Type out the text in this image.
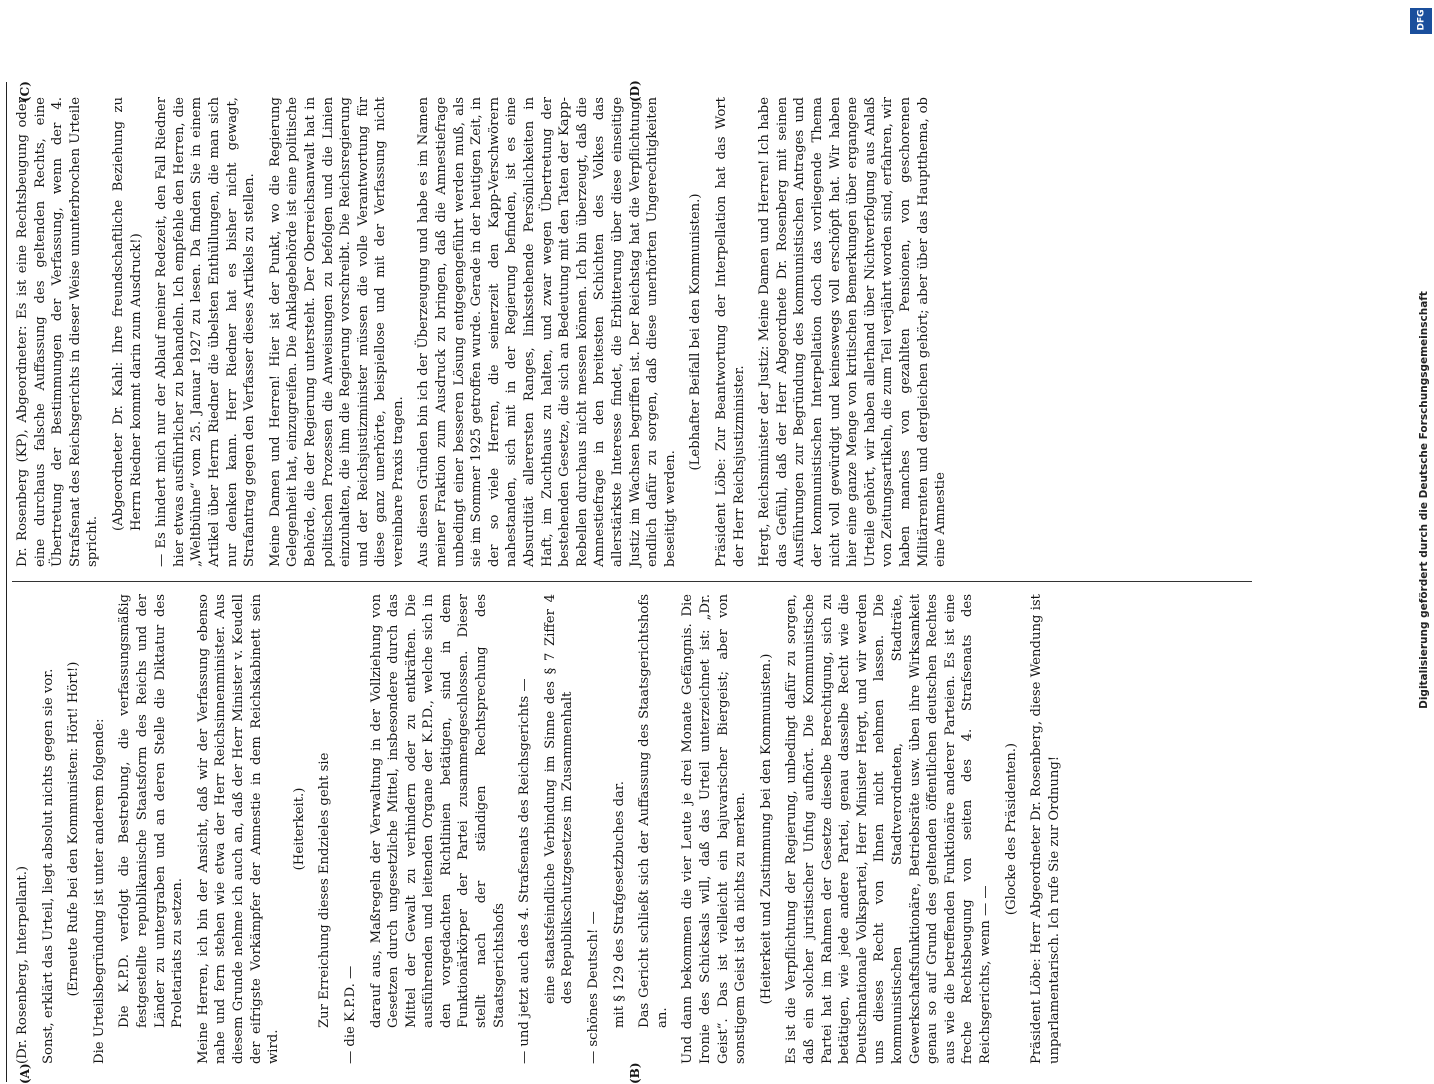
(A)	(B)
(C)	(D)

(Dr. Rosenberg, Interpellant.) Sonst, erklärt das Urteil, liegt absolut nichts gegen sie vor. (Erneute Rufe bei den Kommunisten: Hört! Hört!) Die Urteilsbegründung ist unter anderem folgende: Die K.P.D. verfolgt die Bestrebung, die verfassungsmäßig festgestellte republikanische Staatsform des Reichs und der Länder zu untergraben und an deren Stelle die Diktatur des Proletariats zu setzen. Meine Herren, ich bin der Ansicht, daß wir der Verfassung ebenso nahe und fern stehen wie etwa der Herr Reichsinnenminister. Aus diesem Grunde nehme ich auch an, daß der Herr Minister v. Keudell der eifrigste Vorkämpfer der Amnestie in dem Reichskabinett sein wird.

(Heiterkeit.) Zur Erreichung dieses Endzieles geht sie — die K.P.D. — darauf aus, Maßregeln der Verwaltung in der Vollziehung von Gesetzen durch ungesetzliche Mittel, insbesondere durch das Mittel der Gewalt zu verhindern oder zu entkräften. Die ausführenden und leitenden Organe der K.P.D., welche sich in den vorgedachten Richtlinien betätigen, sind in dem Funktionärkörper der Partei zusammengeschlossen. Dieser stellt nach der ständigen Rechtsprechung des Staatsgerichtshofs — und jetzt auch des 4. Strafsenats des Reichsgerichts — eine staatsfeindliche Verbindung im Sinne des § 7 Ziffer 4 des Republikschutzgesetzes im Zusammenhalt — schönes Deutsch! — mit § 129 des Strafgesetzbuches dar. Das Gericht schließt sich der Auffassung des Staatsgerichtshofs an. Und dann bekommen die vier Leute je drei Monate Gefängnis. Die Ironie des Schicksals will, daß das Urteil unterzeichnet ist: „Dr. Geist“. Das ist vielleicht ein bajuvarischer Biergeist; aber von sonstigem Geist ist da nichts zu merken. (Heiterkeit und Zustimmung bei den Kommunisten.) Es ist die Verpflichtung der Regierung, unbedingt dafür zu sorgen, daß ein solcher juristischer Unfug aufhört. Die Kommunistische Partei hat im Rahmen der Gesetze dieselbe Berechtigung, sich zu betätigen, wie jede andere Partei, genau dasselbe Recht wie die Deutschnationale Volkspartei, Herr Minister Hergt, und wir werden uns dieses Recht von Ihnen nicht nehmen lassen. Die kommunistischen Stadtverordneten, Stadträte, Gewerkschaftsfunktionäre, Betriebsräte usw. üben ihre Wirksamkeit genau so auf Grund des geltenden öffentlichen deutschen Rechtes aus wie die betreffenden Funktionäre anderer Parteien. Es ist eine freche Rechtsbeugung von seiten des 4. Strafsenats des Reichsgerichts, wenn — —

(Glocke des Präsidenten.) Präsident Löbe: Herr Abgeordneter Dr. Rosenberg, diese Wendung ist unparlamentarisch. Ich rufe Sie zur Ordnung!

Dr. Rosenberg (KP), Abgeordneter: Es ist eine Rechtsbeugung oder eine durchaus falsche Auffassung des geltenden Rechts, eine Übertretung der Bestimmungen der Verfassung, wenn der 4. Strafsenat des Reichsgerichts in dieser Weise ununterbrochen Urteile spricht.

(Abgeordneter Dr. Kahl: Ihre freundschaftliche Beziehung zu Herrn Riedner kommt darin zum Ausdruck!) — Es hindert mich nur der Ablauf meiner Redezeit, den Fall Riedner hier etwas ausführlicher zu behandeln. Ich empfehle den Herren, die „Weltbühne“ vom 25. Januar 1927 zu lesen. Da finden Sie in einem Artikel über Herrn Riedner die übelsten Enthüllungen, die man sich nur denken kann. Herr Riedner hat es bisher nicht gewagt, Strafantrag gegen den Verfasser dieses Artikels zu stellen. Meine Damen und Herren! Hier ist der Punkt, wo die Regierung Gelegenheit hat, einzugreifen. Die Anklagebehörde ist eine politische Behörde, die der Regierung untersteht. Der Oberreichsanwalt hat in politischen Prozessen die Anweisungen zu befolgen und die Linien einzuhalten, die ihm die Regierung vorschreibt. Die Reichsregierung und der Reichsjustizminister müssen die volle Verantwortung für diese ganz unerhörte, beispiellose und mit der Verfassung nicht vereinbare Praxis tragen. Aus diesen Gründen bin ich der Überzeugung und habe es im Namen meiner Fraktion zum Ausdruck zu bringen, daß die Amnestiefrage unbedingt einer besseren Lösung entgegengeführt werden muß, als sie im Sommer 1925 getroffen wurde. Gerade in der heutigen Zeit, in der so viele Herren, die seinerzeit den Kapp-Verschwörern nahestanden, sich mit in der Regierung befinden, ist es eine Absurdität allerersten Ranges, linksstehende Persönlichkeiten in Haft, im Zuchthaus zu halten, und zwar wegen Übertretung der bestehenden Gesetze, die sich an Bedeutung mit den Taten der Kapp-Rebellen durchaus nicht messen können. Ich bin überzeugt, daß die Amnestiefrage in den breitesten Schichten des Volkes das allerstärkste Interesse findet, die Erbitterung über diese einseitige Justiz im Wachsen begriffen ist. Der Reichstag hat die Verpflichtung, endlich dafür zu sorgen, daß diese unerhörten Ungerechtigkeiten beseitigt werden.

(Lebhafter Beifall bei den Kommunisten.) Präsident Löbe: Zur Beantwortung der Interpellation hat das Wort der Herr Reichsjustizminister. Hergt, Reichsminister der Justiz: Meine Damen und Herren! Ich habe das Gefühl, daß der Herr Abgeordnete Dr. Rosenberg mit seinen Ausführungen zur Begründung des kommunistischen Antrages und der kommunistischen Interpellation doch das vorliegende Thema nicht voll gewürdigt und keineswegs voll erschöpft hat. Wir haben hier eine ganze Menge von kritischen Bemerkungen über ergangene Urteile gehört, wir haben allerhand über Nichtverfolgung aus Anlaß von Zeitungsartikeln, die zum Teil verjährt worden sind, erfahren, wir haben manches von gezahlten Pensionen, von geschorenen Militärrenten und dergleichen gehört; aber über das Hauptthema, ob eine Amnestie

DFG
Digitalisierung gefördert durch die Deutsche Forschungsgemeinschaft
